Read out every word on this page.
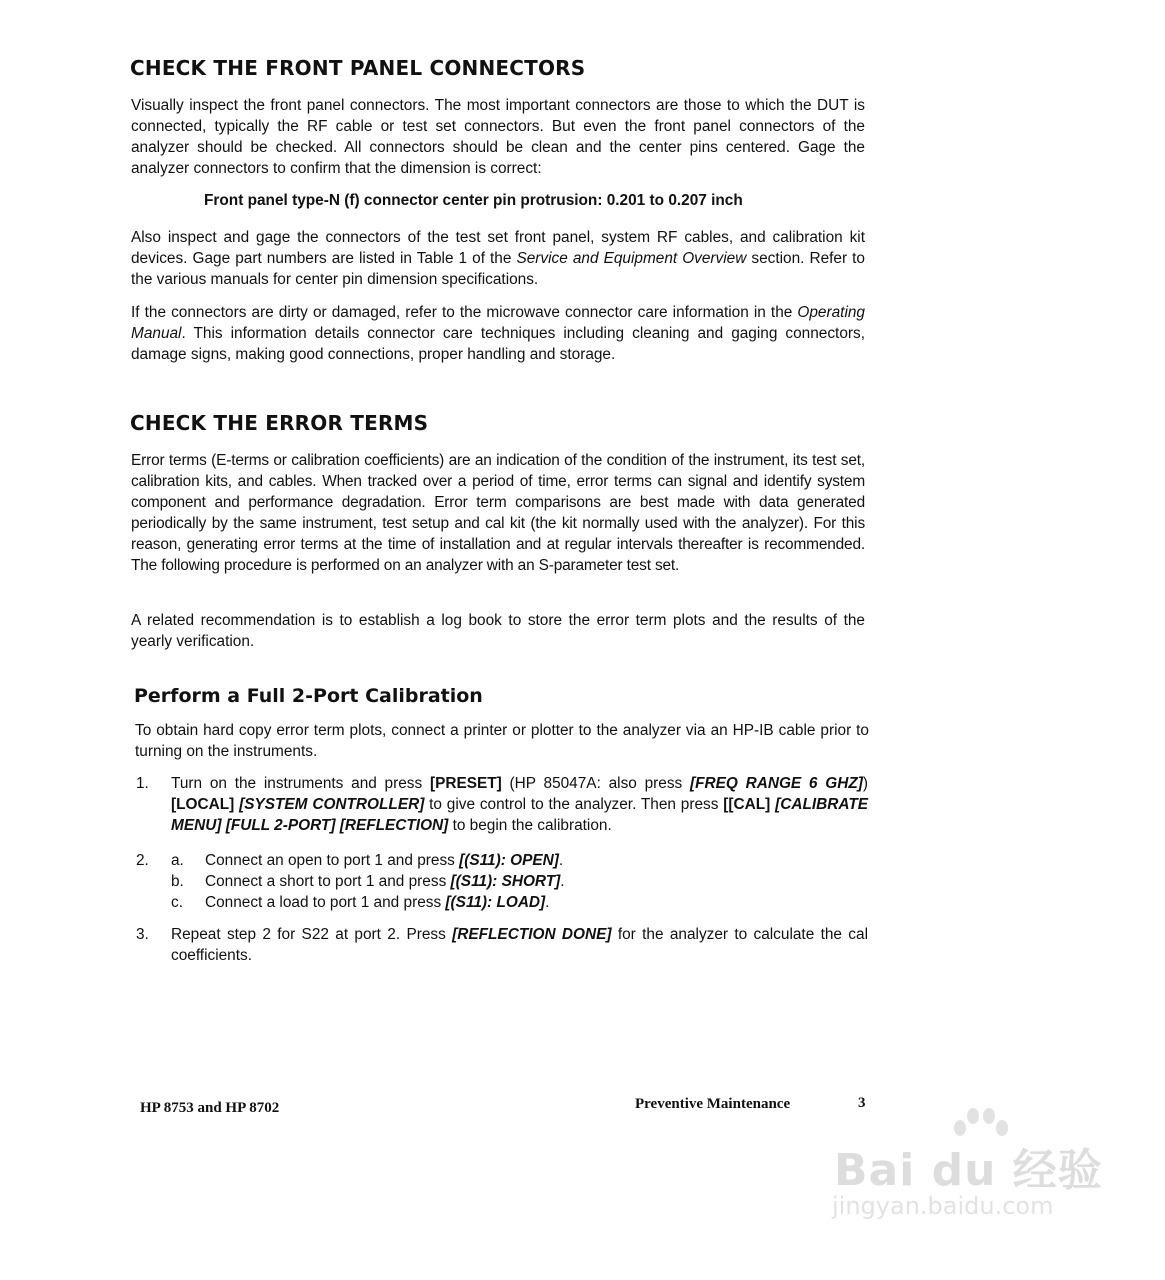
CHECK THE FRONT PANEL CONNECTORS

Visually inspect the front panel connectors. The most important connectors are those to which the DUT is connected, typically the RF cable or test set connectors. But even the front panel connectors of the analyzer should be checked. All connectors should be clean and the center pins centered. Gage the analyzer connectors to confirm that the dimension is correct:

Front panel type-N (f) connector center pin protrusion: 0.201 to 0.207 inch

Also inspect and gage the connectors of the test set front panel, system RF cables, and calibration kit devices. Gage part numbers are listed in Table 1 of the Service and Equipment Overview section. Refer to the various manuals for center pin dimension specifications.

If the connectors are dirty or damaged, refer to the microwave connector care information in the Operating Manual. This information details connector care techniques including cleaning and gaging connectors, damage signs, making good connections, proper handling and storage.

CHECK THE ERROR TERMS

Error terms (E-terms or calibration coefficients) are an indication of the condition of the instrument, its test set, calibration kits, and cables. When tracked over a period of time, error terms can signal and identify system component and performance degradation. Error term comparisons are best made with data generated periodically by the same instrument, test setup and cal kit (the kit normally used with the analyzer). For this reason, generating error terms at the time of installation and at regular intervals thereafter is recommended. The following procedure is performed on an analyzer with an S-parameter test set.

A related recommendation is to establish a log book to store the error term plots and the results of the yearly verification.

Perform a Full 2-Port Calibration

To obtain hard copy error term plots, connect a printer or plotter to the analyzer via an HP-IB cable prior to turning on the instruments.

1. Turn on the instruments and press [PRESET] (HP 85047A: also press [FREQ RANGE 6 GHZ]) [LOCAL] [SYSTEM CONTROLLER] to give control to the analyzer. Then press [[CAL] [CALIBRATE MENU] [FULL 2-PORT] [REFLECTION] to begin the calibration.
2. a. Connect an open to port 1 and press [(S11): OPEN].
b. Connect a short to port 1 and press [(S11): SHORT].
c. Connect a load to port 1 and press [(S11): LOAD].
3. Repeat step 2 for S22 at port 2. Press [REFLECTION DONE] for the analyzer to calculate the cal coefficients.
HP 8753 and HP 8702	Preventive Maintenance	3
Bai du 经验
jingyan.baidu.com
